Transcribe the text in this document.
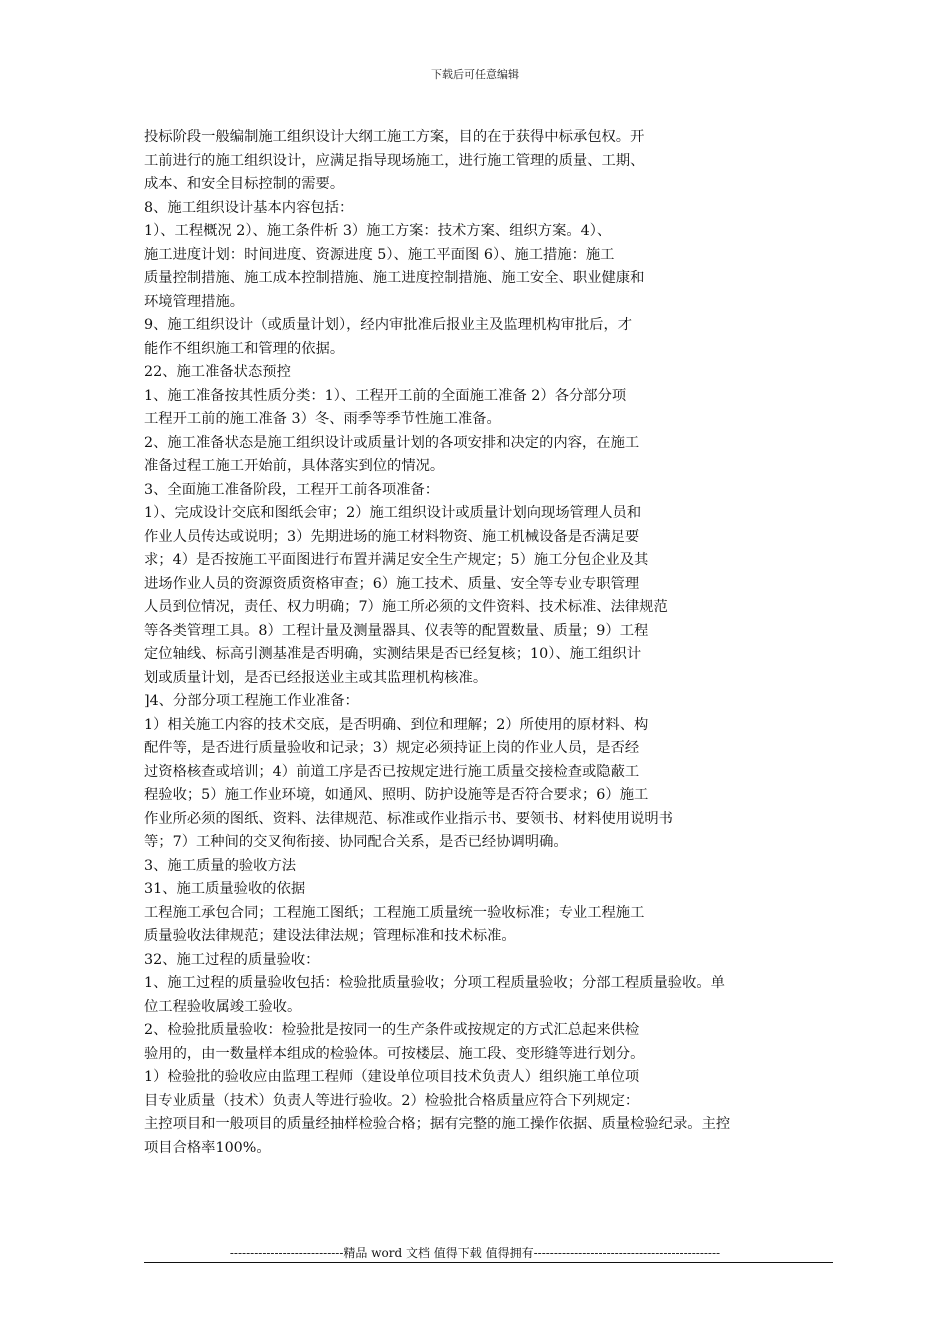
下载后可任意编辑
投标阶段一般编制施工组织设计大纲工施工方案，目的在于获得中标承包权。开
工前进行的施工组织设计，应满足指导现场施工，进行施工管理的质量、工期、
成本、和安全目标控制的需要。
8、施工组织设计基本内容包括：
1）、工程概况 2）、施工条件析 3）施工方案：技术方案、组织方案。4）、
施工进度计划：时间进度、资源进度 5）、施工平面图 6）、施工措施：施工
质量控制措施、施工成本控制措施、施工进度控制措施、施工安全、职业健康和
环境管理措施。
9、施工组织设计（或质量计划），经内审批准后报业主及监理机构审批后，才
能作不组织施工和管理的依据。
22、施工准备状态预控
1、施工准备按其性质分类：1）、工程开工前的全面施工准备 2）各分部分项
工程开工前的施工准备 3）冬、雨季等季节性施工准备。
2、施工准备状态是施工组织设计或质量计划的各项安排和决定的内容，在施工
准备过程工施工开始前，具体落实到位的情况。
3、全面施工准备阶段，工程开工前各项准备：
1）、完成设计交底和图纸会审；2）施工组织设计或质量计划向现场管理人员和
作业人员传达或说明；3）先期进场的施工材料物资、施工机械设备是否满足要
求；4）是否按施工平面图进行布置并满足安全生产规定；5）施工分包企业及其
进场作业人员的资源资质资格审查；6）施工技术、质量、安全等专业专职管理
人员到位情况，责任、权力明确；7）施工所必须的文件资料、技术标准、法律规范
等各类管理工具。8）工程计量及测量器具、仪表等的配置数量、质量；9）工程
定位轴线、标高引测基准是否明确，实测结果是否已经复核；10）、施工组织计
划或质量计划，是否已经报送业主或其监理机构核准。
]4、分部分项工程施工作业准备：
1）相关施工内容的技术交底，是否明确、到位和理解；2）所使用的原材料、构
配件等，是否进行质量验收和记录；3）规定必须持证上岗的作业人员，是否经
过资格核查或培训；4）前道工序是否已按规定进行施工质量交接检查或隐蔽工
程验收；5）施工作业环境，如通风、照明、防护设施等是否符合要求；6）施工
作业所必须的图纸、资料、法律规范、标准或作业指示书、要领书、材料使用说明书
等；7）工种间的交叉徇衔接、协同配合关系，是否已经协调明确。
3、施工质量的验收方法
31、施工质量验收的依据
工程施工承包合同；工程施工图纸；工程施工质量统一验收标准；专业工程施工
质量验收法律规范；建设法律法规；管理标准和技术标准。
32、施工过程的质量验收：
1、施工过程的质量验收包括：检验批质量验收；分项工程质量验收；分部工程质量验收。单
位工程验收属竣工验收。
2、检验批质量验收：检验批是按同一的生产条件或按规定的方式汇总起来供检
验用的，由一数量样本组成的检验体。可按楼层、施工段、变形缝等进行划分。
1）检验批的验收应由监理工程师（建设单位项目技术负责人）组织施工单位项
目专业质量（技术）负责人等进行验收。2）检验批合格质量应符合下列规定：
主控项目和一般项目的质量经抽样检验合格；据有完整的施工操作依据、质量检验纪录。主控
项目合格率100%。
----------------------------精品 word 文档 值得下载 值得拥有----------------------------------------------
